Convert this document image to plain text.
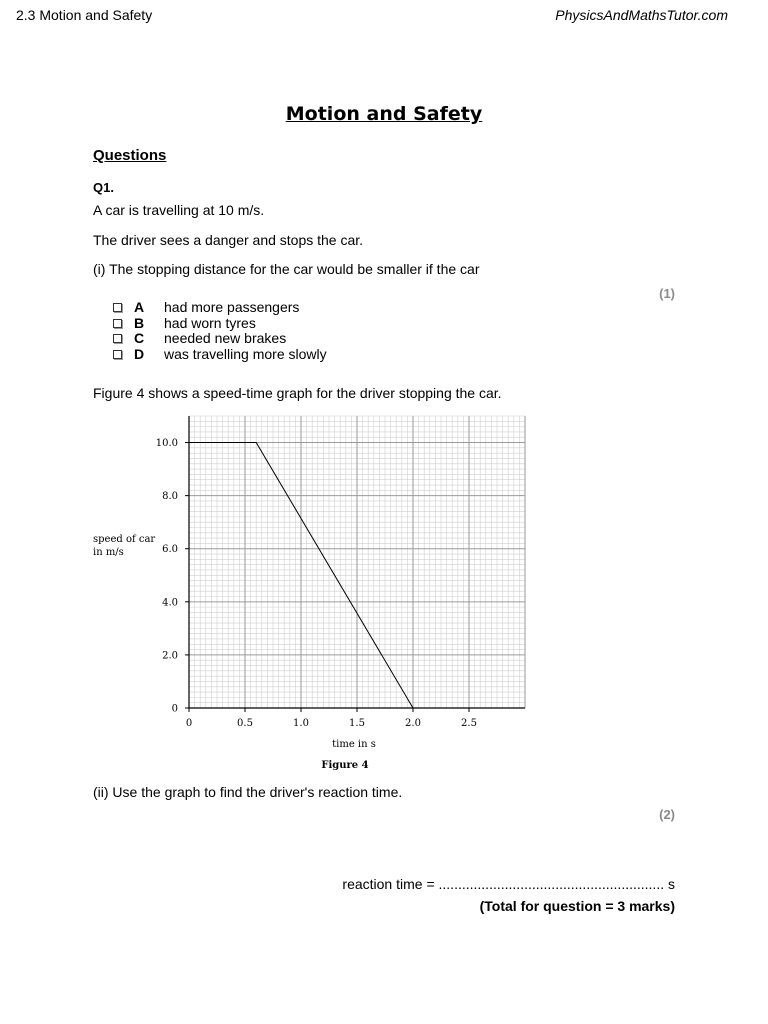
2.3 Motion and Safety	PhysicsAndMathsTutor.com
Motion and Safety
Questions
Q1.
A car is travelling at 10 m/s.
The driver sees a danger and stops the car.
(i) The stopping distance for the car would be smaller if the car
(1)
A	had more passengers
B	had worn tyres
C	needed new brakes
D	was travelling more slowly
Figure 4 shows a speed-time graph for the driver stopping the car.
0	0.5	1.0	1.5	2.0	2.5
0
2.0
4.0
6.0
8.0
10.0
speed of car
in m/s
time in s
Figure 4
(ii) Use the graph to find the driver's reaction time.
(2)
reaction time = .......................................................... s
(Total for question = 3 marks)
